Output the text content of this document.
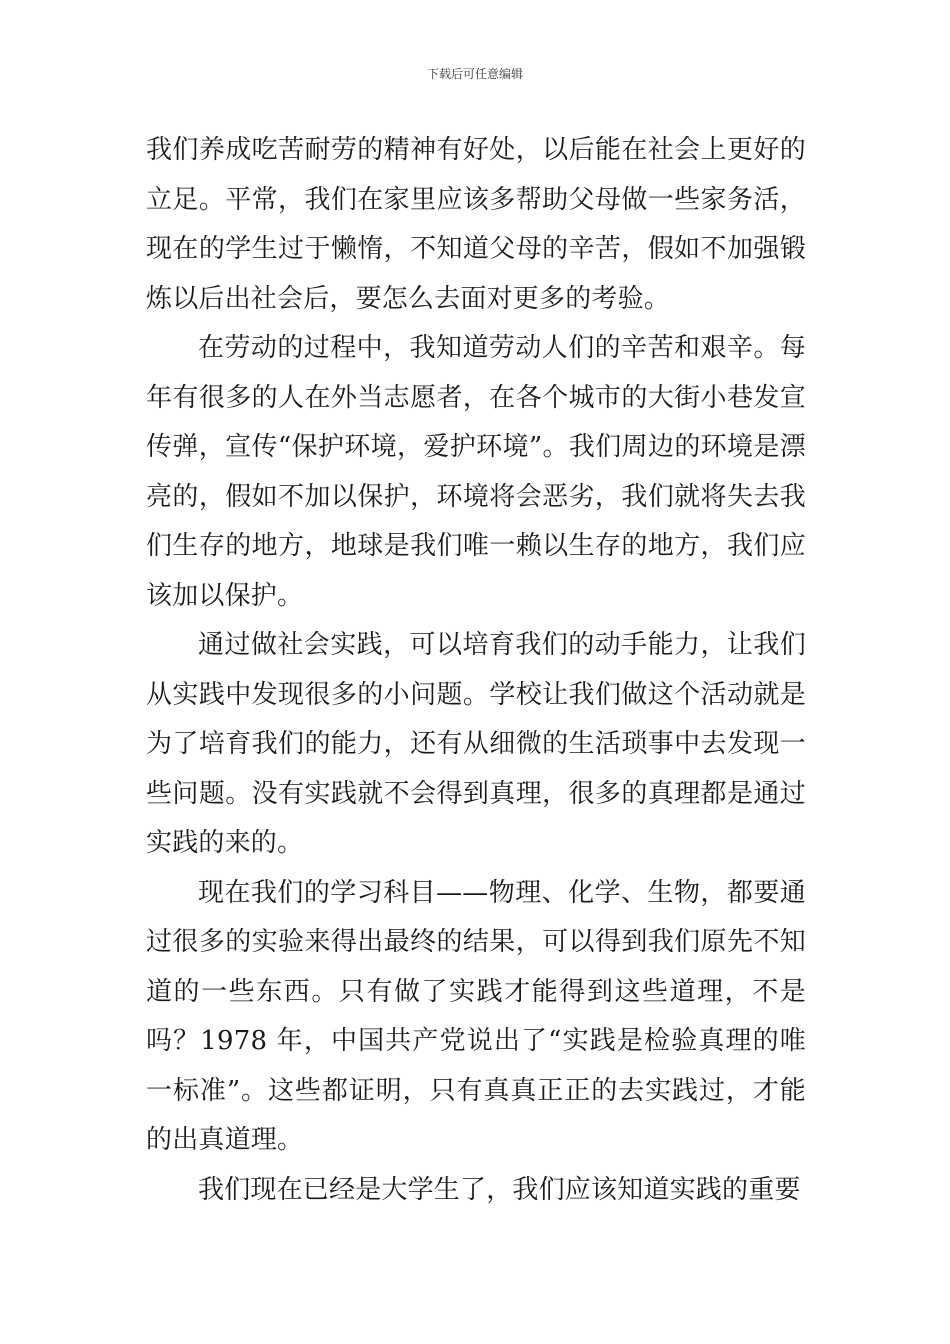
下载后可任意编辑

我们养成吃苦耐劳的精神有好处，以后能在社会上更好的立足。平常，我们在家里应该多帮助父母做一些家务活，现在的学生过于懒惰，不知道父母的辛苦，假如不加强锻炼以后出社会后，要怎么去面对更多的考验。

在劳动的过程中，我知道劳动人们的辛苦和艰辛。每年有很多的人在外当志愿者，在各个城市的大街小巷发宣传弹，宣传“保护环境，爱护环境”。我们周边的环境是漂亮的，假如不加以保护，环境将会恶劣，我们就将失去我们生存的地方，地球是我们唯一赖以生存的地方，我们应该加以保护。

通过做社会实践，可以培育我们的动手能力，让我们从实践中发现很多的小问题。学校让我们做这个活动就是为了培育我们的能力，还有从细微的生活琐事中去发现一些问题。没有实践就不会得到真理，很多的真理都是通过实践的来的。

现在我们的学习科目——物理、化学、生物，都要通过很多的实验来得出最终的结果，可以得到我们原先不知道的一些东西。只有做了实践才能得到这些道理，不是吗？1978 年，中国共产党说出了“实践是检验真理的唯一标准”。这些都证明，只有真真正正的去实践过，才能的出真道理。

我们现在已经是大学生了，我们应该知道实践的重要
